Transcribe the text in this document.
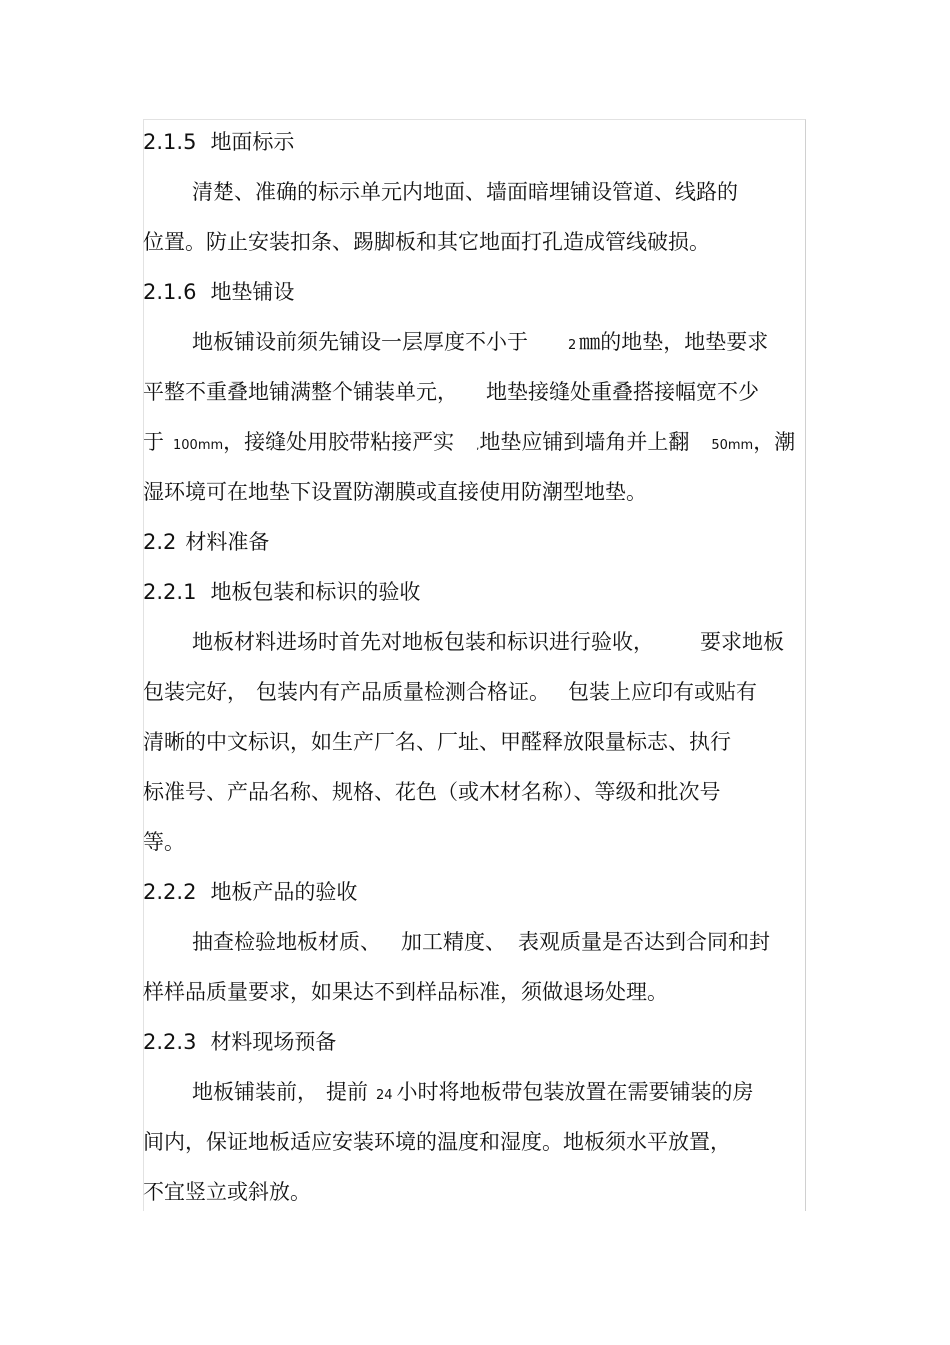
2.1.5 地面标示
清楚、准确的标示单元内地面、墙面暗埋铺设管道、线路的
位置。防止安装扣条、踢脚板和其它地面打孔造成管线破损。
2.1.6 地垫铺设
地板铺设前须先铺设一层厚度不小于	2 ㎜的地垫，地垫要求
平整不重叠地铺满整个铺装单元， 地垫接缝处重叠搭接幅宽不少
于 100mm，接缝处用胶带粘接严实 ,地垫应铺到墙角并上翻 50mm，潮
湿环境可在地垫下设置防潮膜或直接使用防潮型地垫。
2.2 材料准备
2.2.1 地板包装和标识的验收
地板材料进场时首先对地板包装和标识进行验收， 要求地板
包装完好， 包装内有产品质量检测合格证。 包装上应印有或贴有
清晰的中文标识，如生产厂名、厂址、甲醛释放限量标志、执行
标准号、产品名称、规格、花色（或木材名称）、等级和批次号
等。
2.2.2 地板产品的验收
抽查检验地板材质、 加工精度、 表观质量是否达到合同和封
样样品质量要求，如果达不到样品标准，须做退场处理。
2.2.3 材料现场预备
地板铺装前， 提前 24 小时将地板带包装放置在需要铺装的房
间内，保证地板适应安装环境的温度和湿度。地板须水平放置，
不宜竖立或斜放。
